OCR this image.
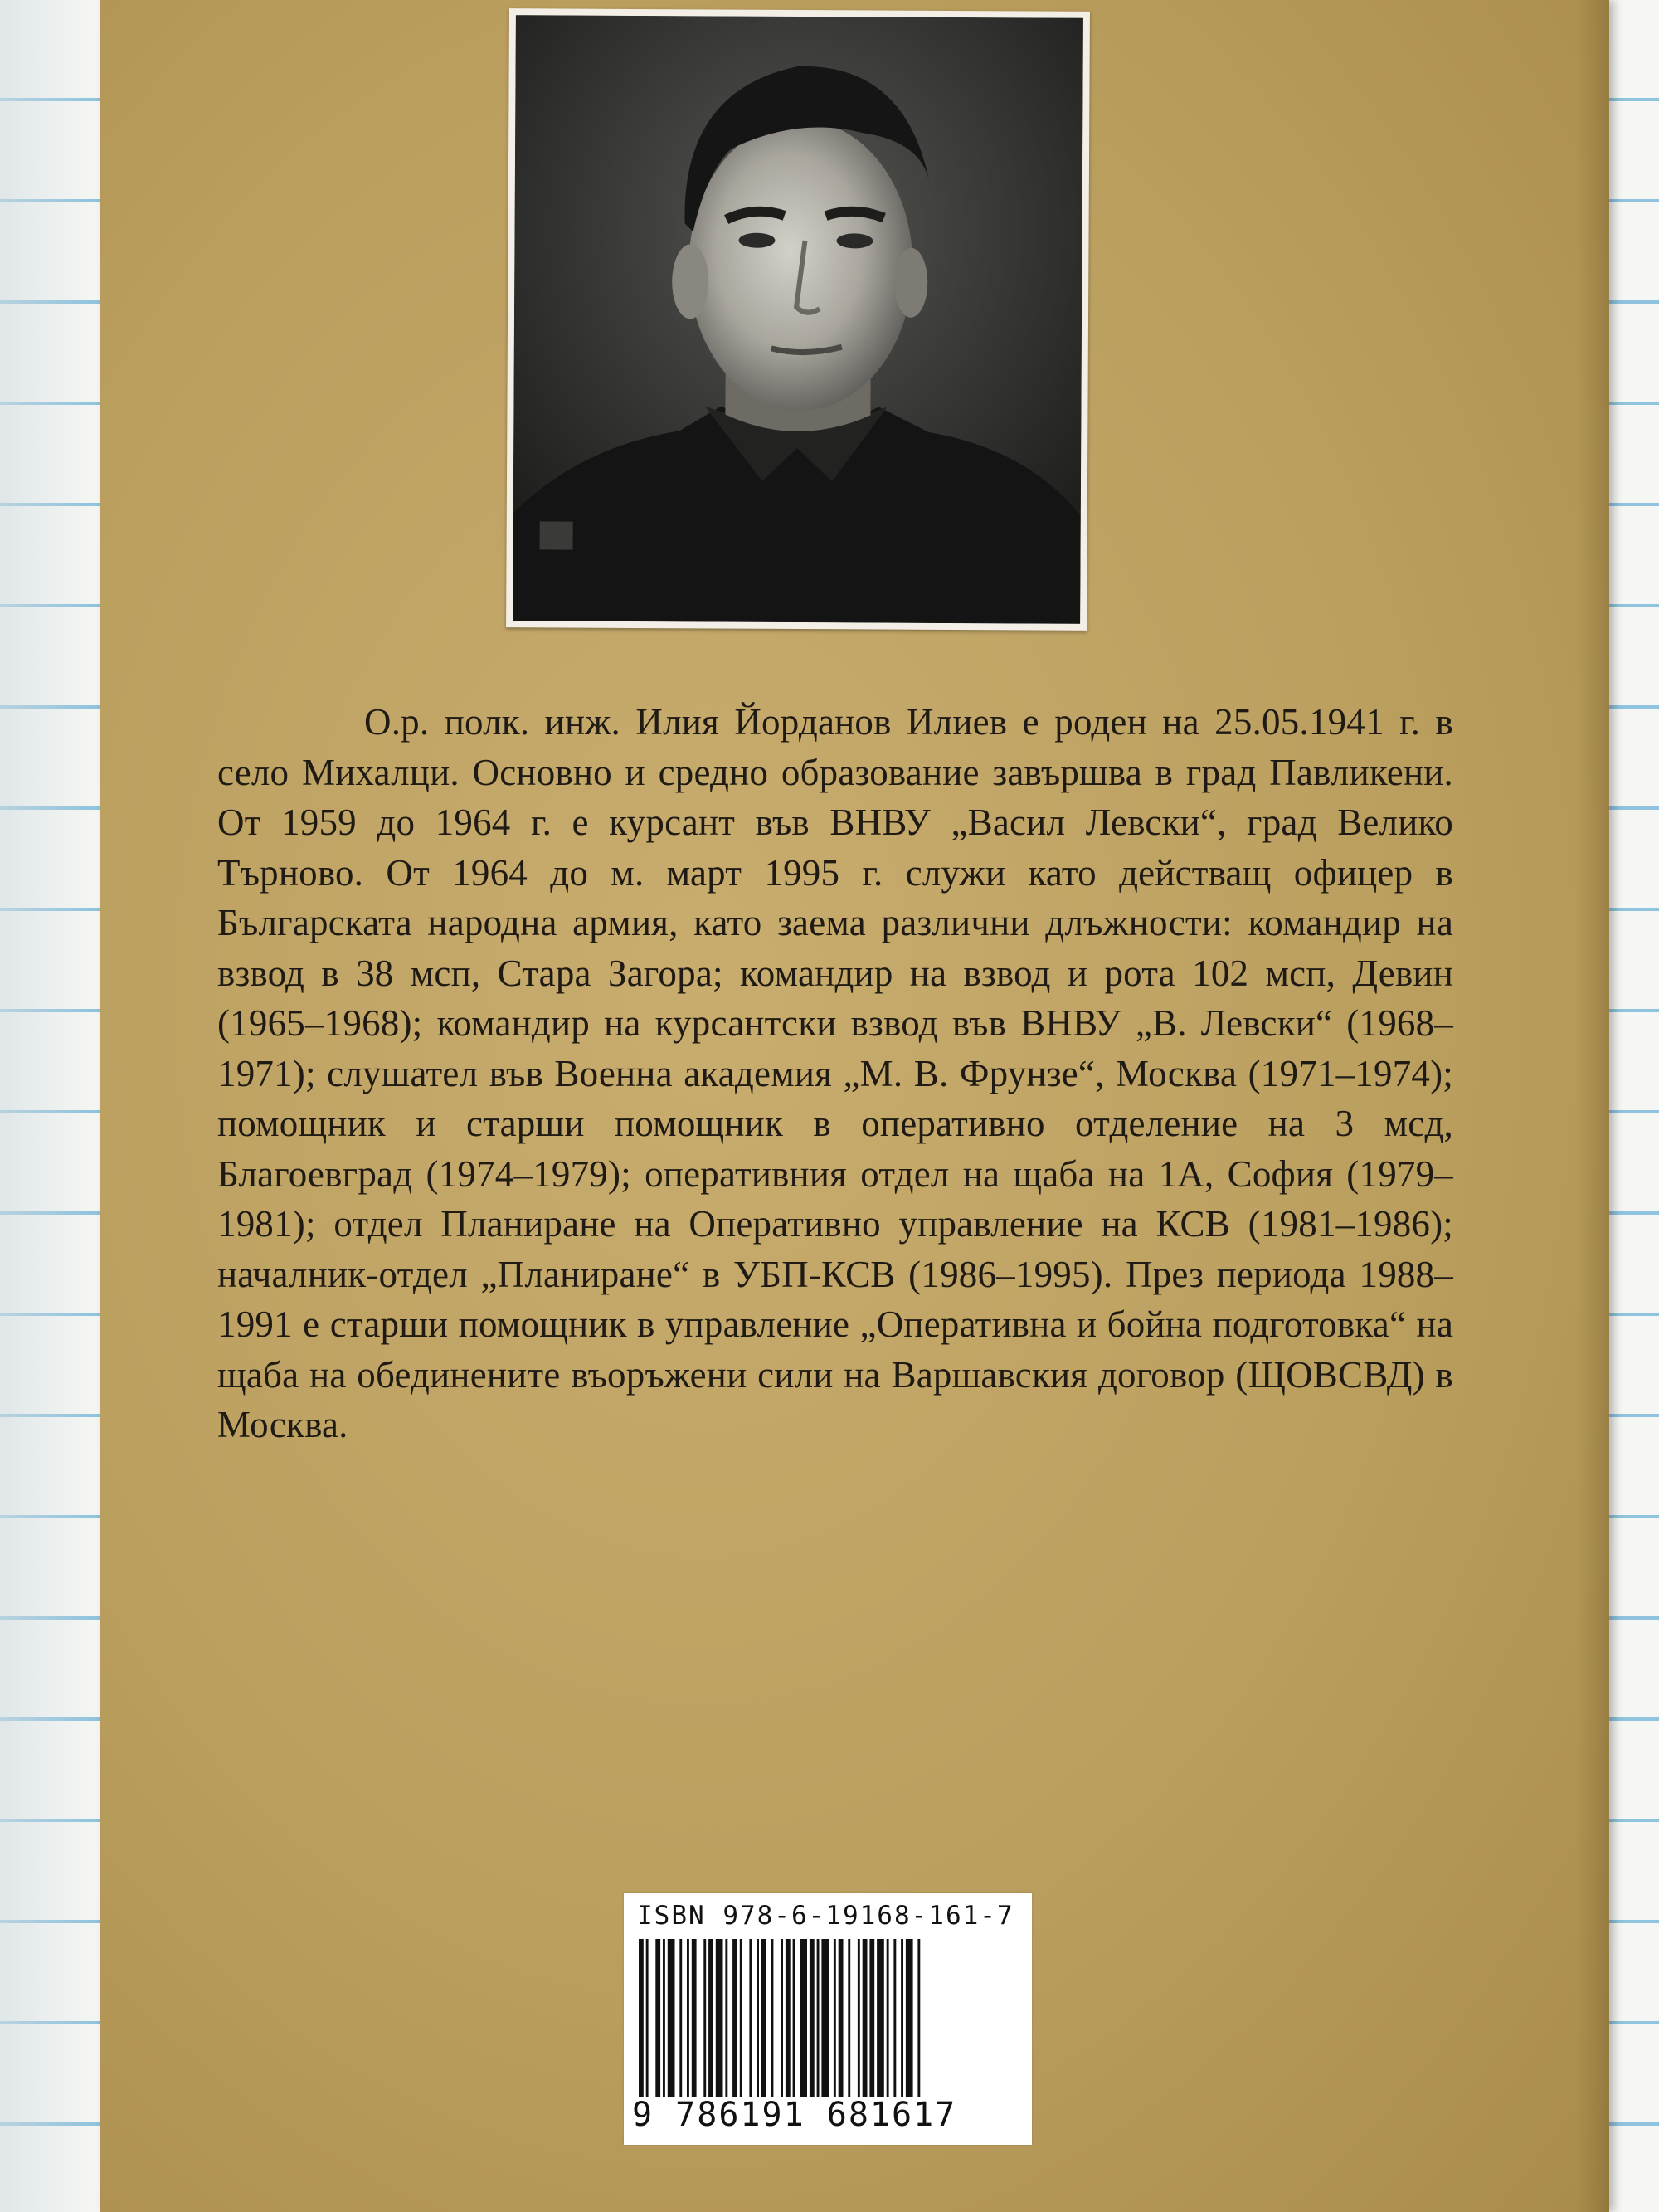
О.р. полк. инж. Илия Йорданов Илиев е роден на 25.05.1941 г. в село Михалци. Основно и средно образование завършва в град Павликени. От 1959 до 1964 г. е курсант във ВНВУ „Васил Левски“, град Велико Търново. От 1964 до м. март 1995 г. служи като действащ офицер в Българската народна армия, като заема различни длъжности: командир на взвод в 38 мсп, Стара Загора; командир на взвод и рота 102 мсп, Девин (1965–1968); командир на курсантски взвод във ВНВУ „В. Левски“ (1968–1971); слушател във Военна академия „М. В. Фрунзе“, Москва (1971–1974); помощник и старши помощник в оперативно отделение на 3 мсд, Благоевград (1974–1979); оперативния отдел на щаба на 1А, София (1979–1981); отдел Планиране на Оперативно управление на КСВ (1981–1986); началник-отдел „Планиране“ в УБП-КСВ (1986–1995). През периода 1988–1991 е старши помощник в управление „Оперативна и бойна подготовка“ на щаба на обединените въоръжени сили на Варшавския договор (ЩОВСВД) в Москва.
ISBN 978-6-19168-161-7
9 786191 681617
